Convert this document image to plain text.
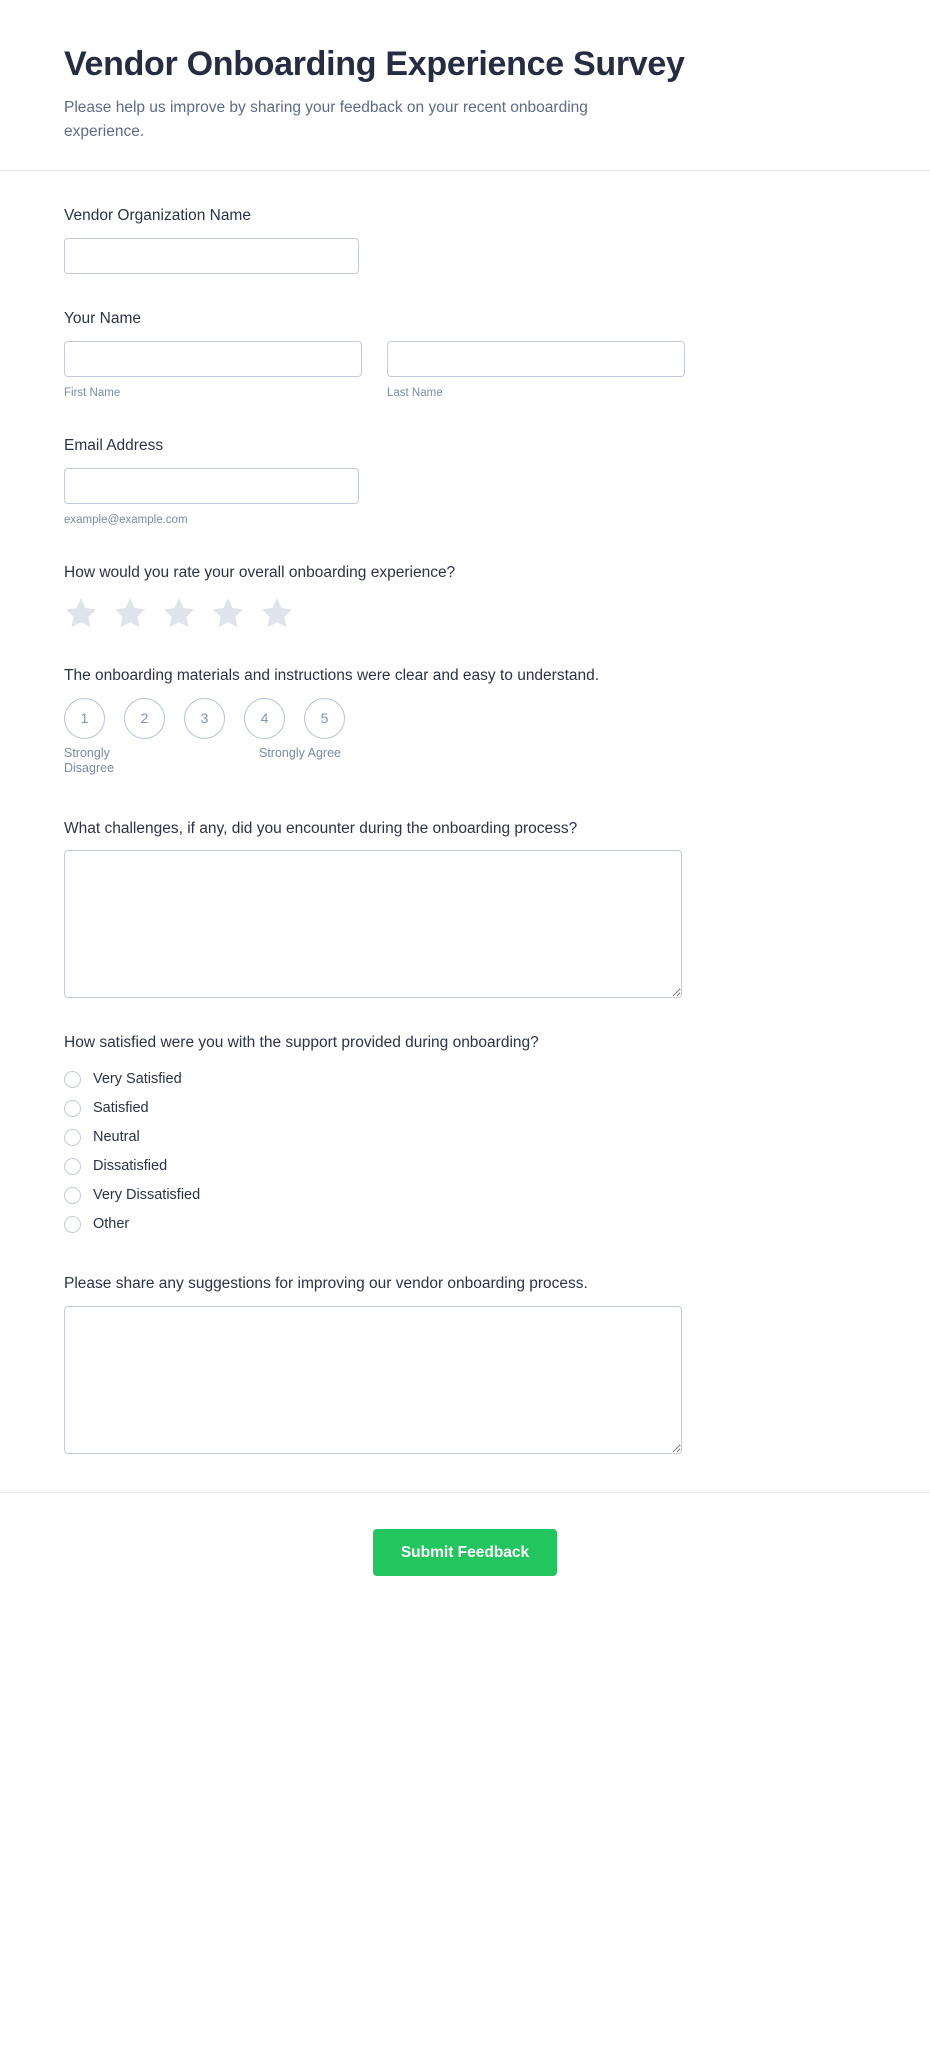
Vendor Onboarding Experience Survey

Please help us improve by sharing your feedback on your recent onboarding experience.

Vendor Organization Name
Your Name
First Name	Last Name
Email Address
example@example.com
How would you rate your overall onboarding experience?
The onboarding materials and instructions were clear and easy to understand.
1	2	3	4	5
Strongly Disagree
Strongly Agree
What challenges, if any, did you encounter during the onboarding process?
How satisfied were you with the support provided during onboarding?
Very Satisfied
Satisfied
Neutral
Dissatisfied
Very Dissatisfied
Other
Please share any suggestions for improving our vendor onboarding process.
Submit Feedback
